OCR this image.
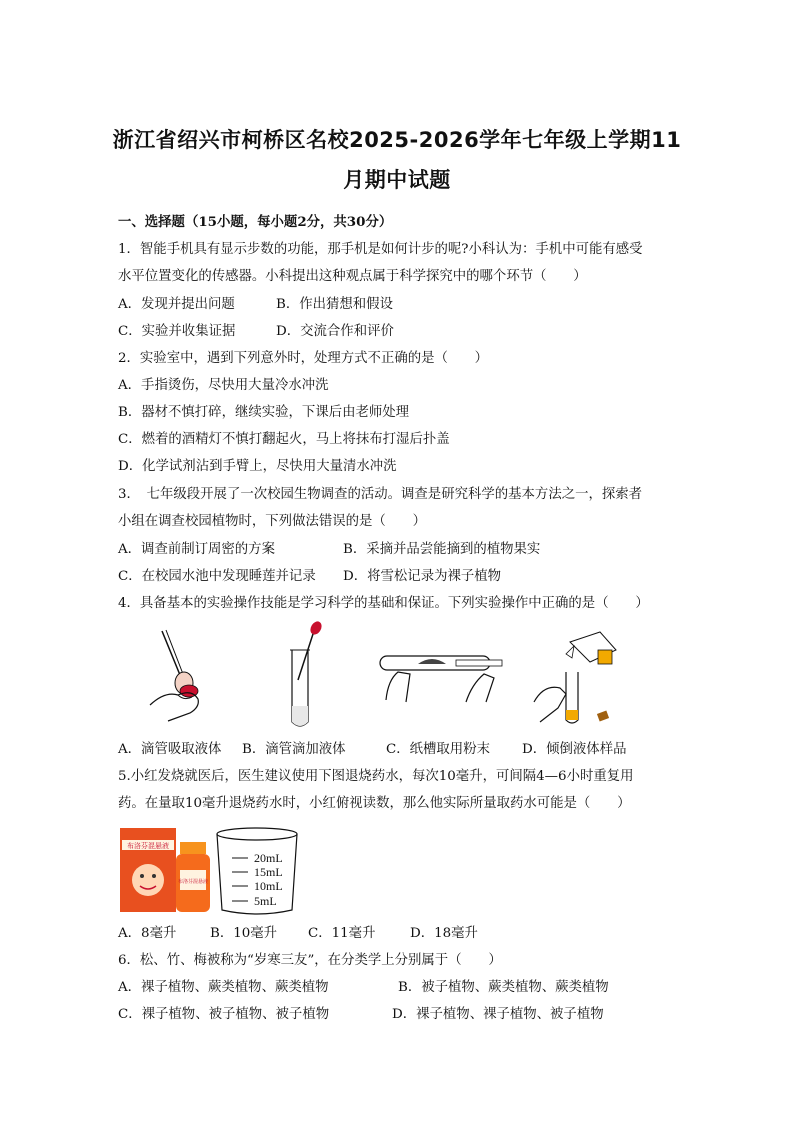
浙江省绍兴市柯桥区名校2025-2026学年七年级上学期11
月期中试题
一、选择题（15小题，每小题2分，共30分）
1．智能手机具有显示步数的功能，那手机是如何计步的呢?小科认为：手机中可能有感受
水平位置变化的传感器。小科提出这种观点属于科学探究中的哪个环节（　　）
A．发现并提出问题	B．作出猜想和假设
C．实验并收集证据	D．交流合作和评价
2．实验室中，遇到下列意外时，处理方式不正确的是（　　）
A．手指烫伤，尽快用大量冷水冲洗
B．器材不慎打碎，继续实验，下课后由老师处理
C．燃着的酒精灯不慎打翻起火，马上将抹布打湿后扑盖
D．化学试剂沾到手臂上，尽快用大量清水冲洗
3．　七年级段开展了一次校园生物调查的活动。调查是研究科学的基本方法之一，探索者
小组在调查校园植物时，下列做法错误的是（　　）
A．调查前制订周密的方案	B．采摘并品尝能摘到的植物果实
C．在校园水池中发现睡莲并记录 D．将雪松记录为裸子植物
4．具备基本的实验操作技能是学习科学的基础和保证。下列实验操作中正确的是（　　）
A．滴管吸取液体 B．滴管滴加液体	C．纸槽取用粉末 D．倾倒液体样品
5.小红发烧就医后，医生建议使用下图退烧药水，每次10毫升，可间隔4—6小时重复用
药。在量取10毫升退烧药水时，小红俯视读数，那么他实际所量取药水可能是（　　）
布洛芬混悬液
布洛芬混悬液
20mL
15mL
10mL
5mL
A．8毫升	B．10毫升 C．11毫升	D．18毫升
6．松、竹、梅被称为“岁寒三友”，在分类学上分别属于（　　）
A．裸子植物、蕨类植物、蕨类植物	B．被子植物、蕨类植物、蕨类植物
C．裸子植物、被子植物、被子植物	D．裸子植物、裸子植物、被子植物
